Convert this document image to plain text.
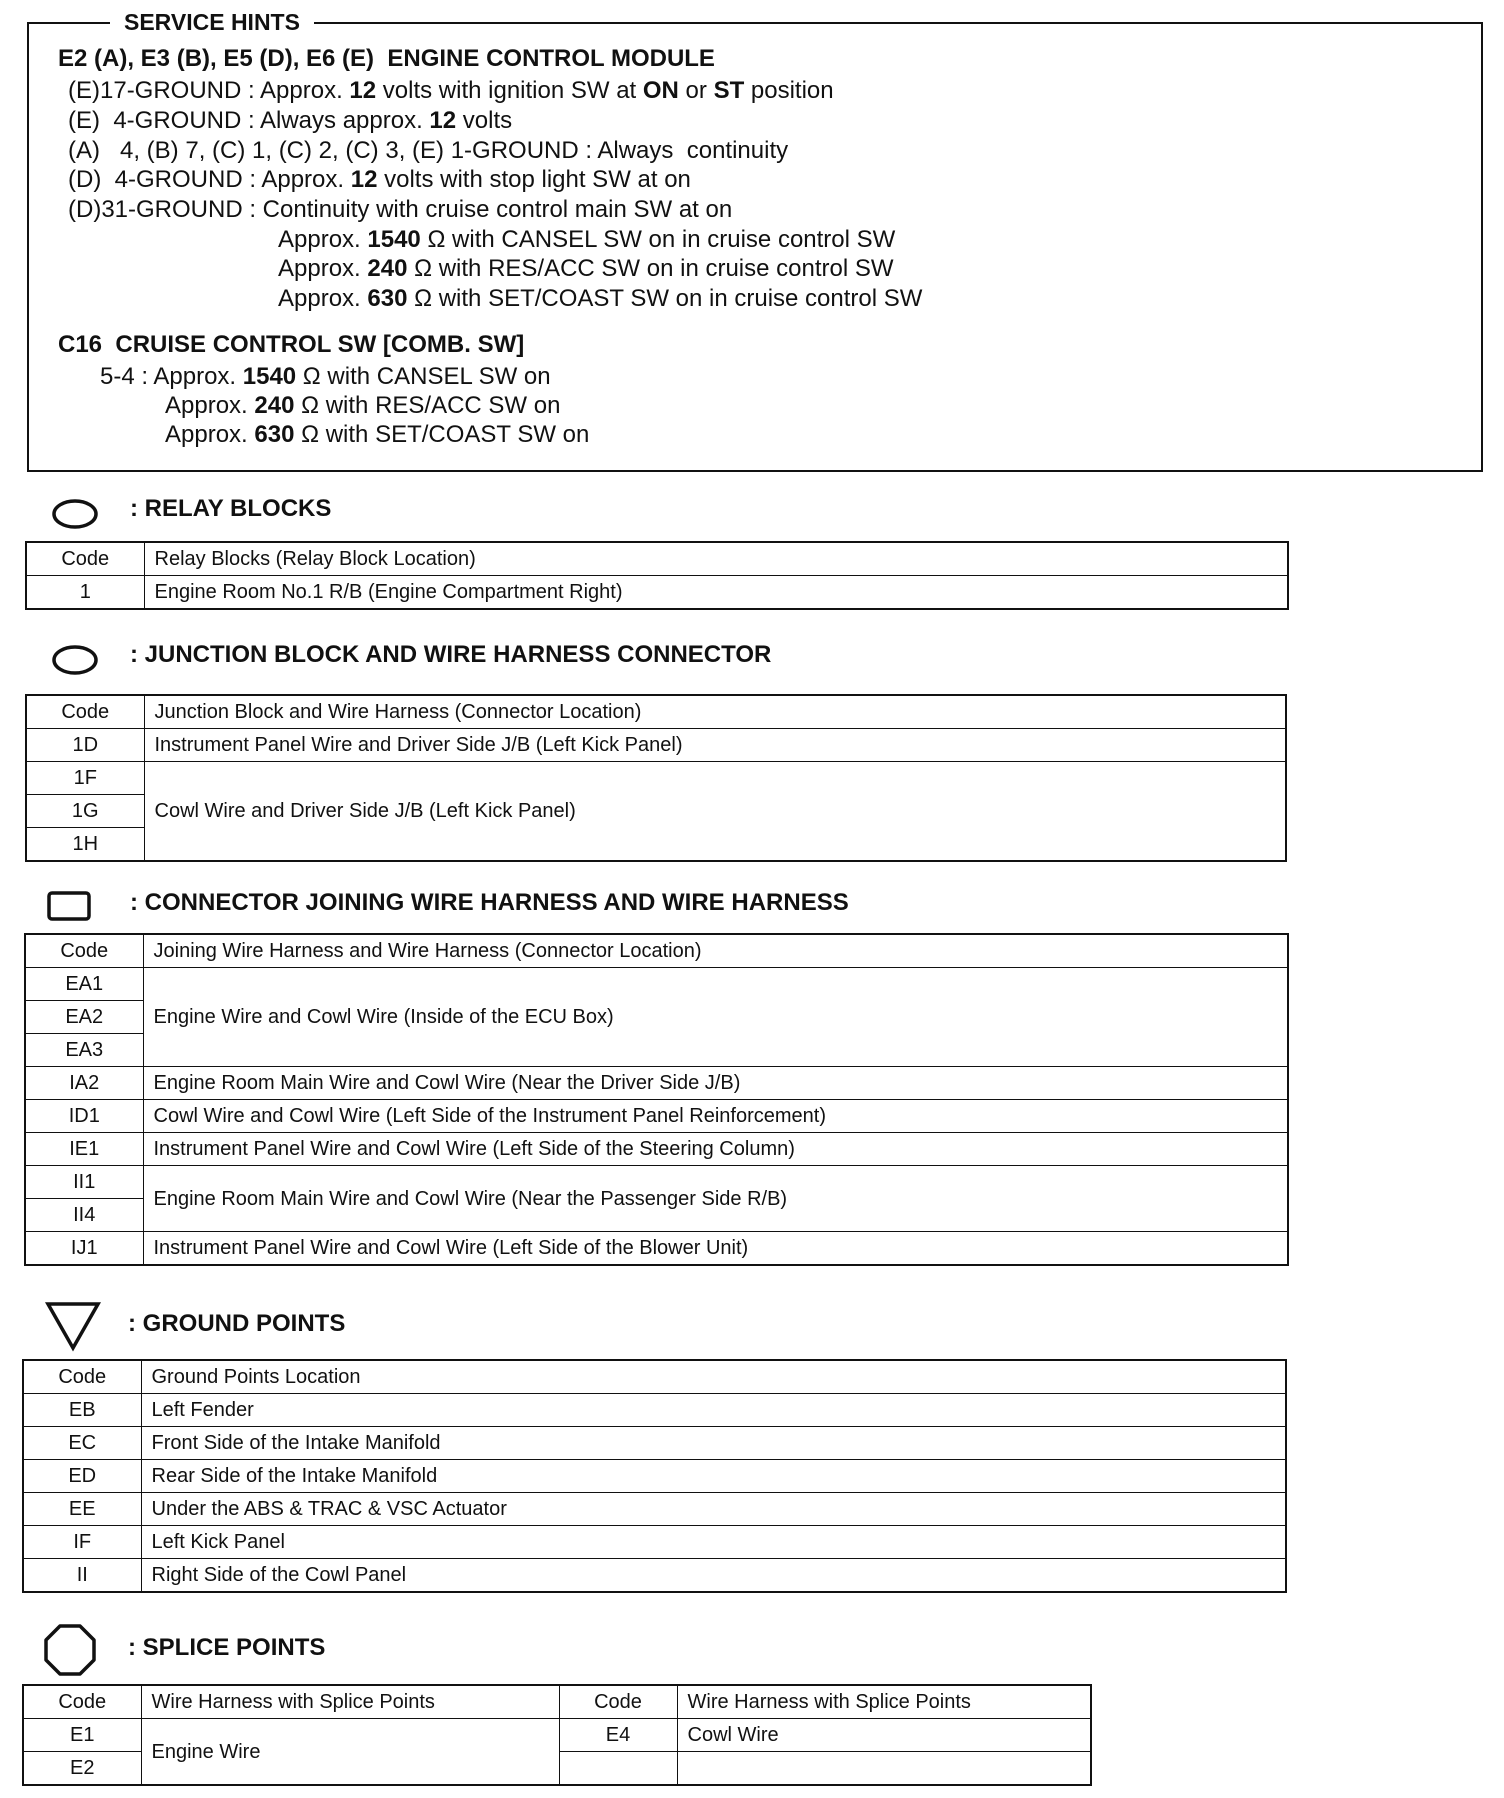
SERVICE HINTS
E2 (A), E3 (B), E5 (D), E6 (E)  ENGINE CONTROL MODULE
(E)17-GROUND : Approx. 12 volts with ignition SW at ON or ST position
(E)  4-GROUND : Always approx. 12 volts
(A)   4, (B) 7, (C) 1, (C) 2, (C) 3, (E) 1-GROUND : Always  continuity
(D)  4-GROUND : Approx. 12 volts with stop light SW at on
(D)31-GROUND : Continuity with cruise control main SW at on
Approx. 1540 Ω with CANSEL SW on in cruise control SW
Approx. 240 Ω with RES/ACC SW on in cruise control SW
Approx. 630 Ω with SET/COAST SW on in cruise control SW
C16  CRUISE CONTROL SW [COMB. SW]
5-4 : Approx. 1540 Ω with CANSEL SW on
Approx. 240 Ω with RES/ACC SW on
Approx. 630 Ω with SET/COAST SW on
: RELAY BLOCKS
Code	Relay Blocks (Relay Block Location)
1	Engine Room No.1 R/B (Engine Compartment Right)
: JUNCTION BLOCK AND WIRE HARNESS CONNECTOR
Code	Junction Block and Wire Harness (Connector Location)
1D	Instrument Panel Wire and Driver Side J/B (Left Kick Panel)
1F	Cowl Wire and Driver Side J/B (Left Kick Panel)
1G	
1H	
: CONNECTOR JOINING WIRE HARNESS AND WIRE HARNESS
Code	Joining Wire Harness and Wire Harness (Connector Location)
EA1	Engine Wire and Cowl Wire (Inside of the ECU Box)
EA2	
EA3	
IA2	Engine Room Main Wire and Cowl Wire (Near the Driver Side J/B)
ID1	Cowl Wire and Cowl Wire (Left Side of the Instrument Panel Reinforcement)
IE1	Instrument Panel Wire and Cowl Wire (Left Side of the Steering Column)
II1	Engine Room Main Wire and Cowl Wire (Near the Passenger Side R/B)
II4	
IJ1	Instrument Panel Wire and Cowl Wire (Left Side of the Blower Unit)
: GROUND POINTS
Code	Ground Points Location
EB	Left Fender
EC	Front Side of the Intake Manifold
ED	Rear Side of the Intake Manifold
EE	Under the ABS & TRAC & VSC Actuator
IF	Left Kick Panel
II	Right Side of the Cowl Panel
: SPLICE POINTS
Code	Wire Harness with Splice Points	Code	Wire Harness with Splice Points
E1	Engine Wire	E4	Cowl Wire
E2			
